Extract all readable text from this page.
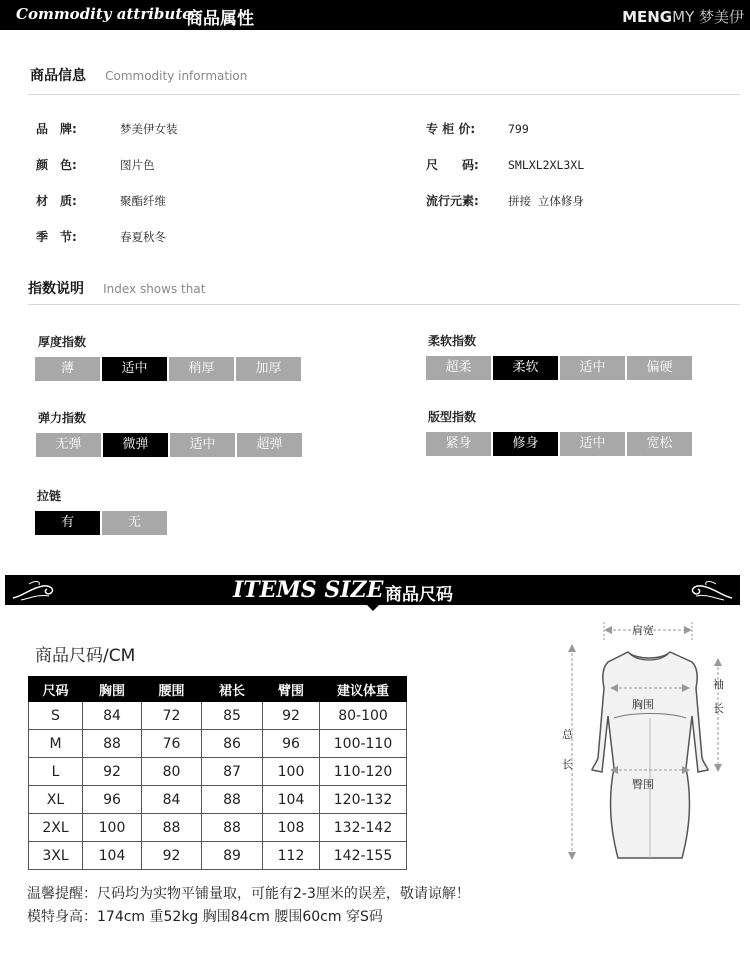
Commodity attribute
商品属性	MENGMY 梦美伊
商品信息 Commodity information
品　牌:	梦美伊女装
颜　色:	图片色
材　质:	聚酯纤维
季　节:	春夏秋冬
专 柜 价:	799
尺　　码:	SMLXL2XL3XL
流行元素:	拼接 立体修身
指数说明 Index shows that
厚度指数
薄	适中	稍厚	加厚
柔软指数
超柔	柔软	适中	偏硬
弹力指数
无弹	微弹	适中	超弹
版型指数
紧身	修身	适中	宽松
拉链
有	无
ITEMS SIZE 商品尺码
商品尺码/CM
尺码	胸围	腰围	裙长	臂围	建议体重
S	84	72	85	92	80-100
M	88	76	86	96	100-110
L	92	80	87	100	110-120
XL	96	84	88	104	120-132
2XL	100	88	88	108	132-142
3XL	104	92	89	112	142-155
肩宽
胸围
臀围
总
长
袖
长
温馨提醒：尺码均为实物平铺量取，可能有2-3厘米的误差，敬请谅解！
模特身高：174cm 重52kg 胸围84cm 腰围60cm 穿S码
